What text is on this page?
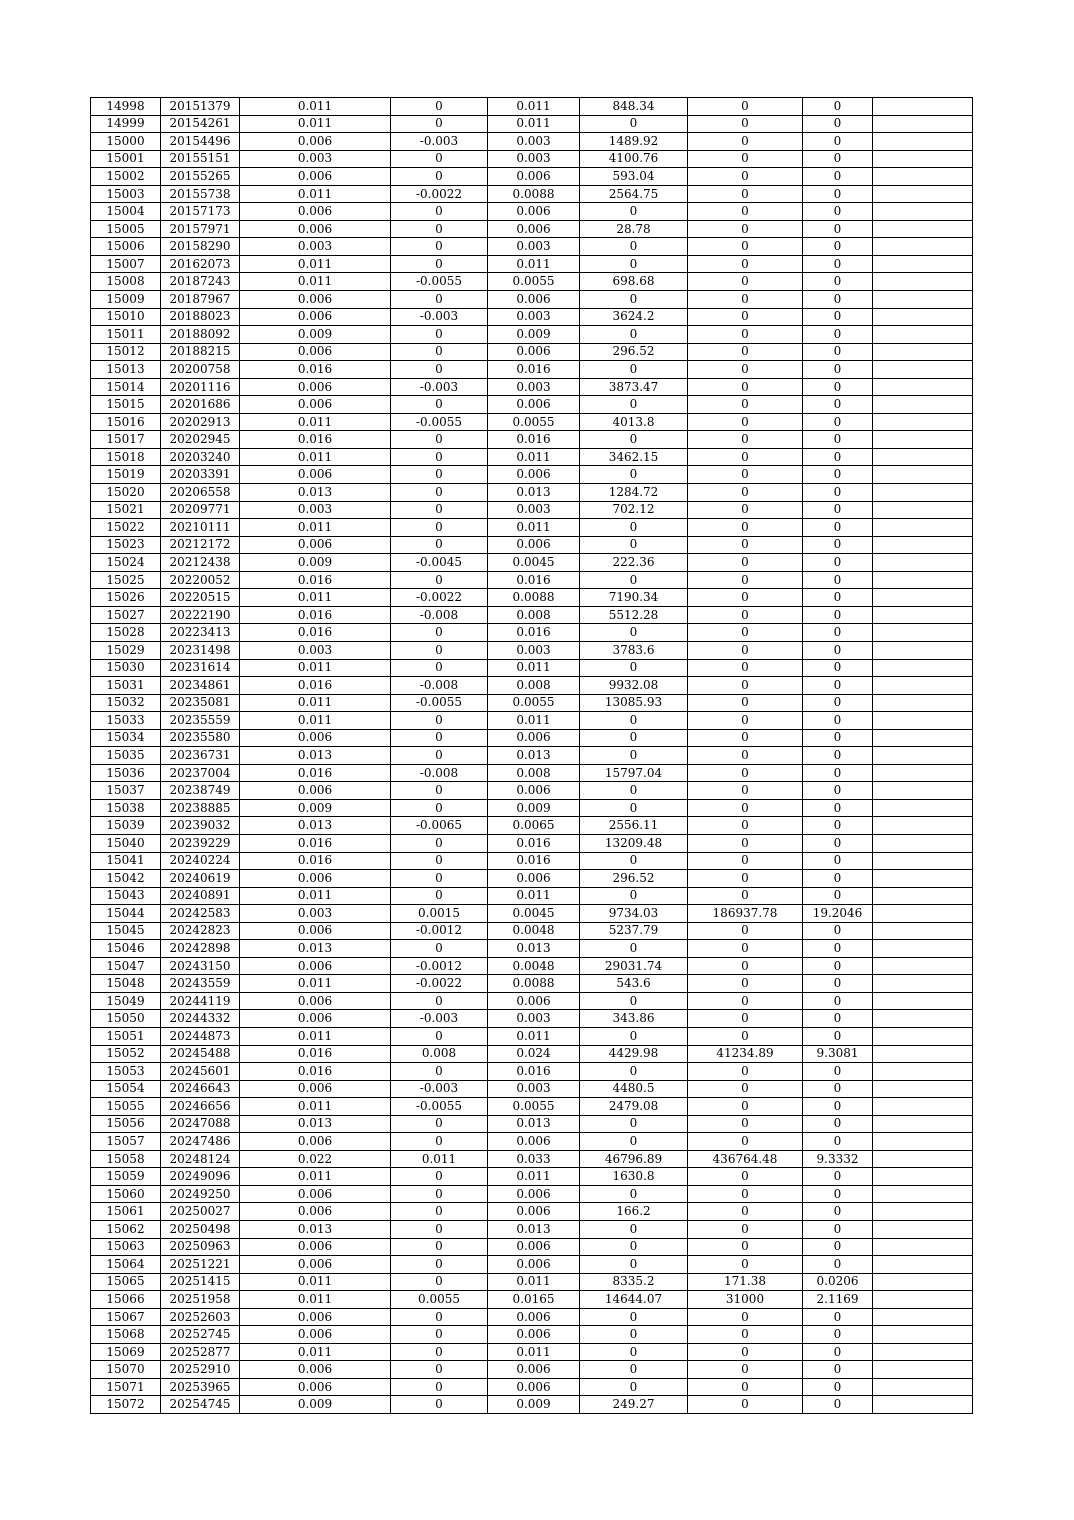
14998	20151379	0.011	0	0.011	848.34	0	0	
14999	20154261	0.011	0	0.011	0	0	0	
15000	20154496	0.006	-0.003	0.003	1489.92	0	0	
15001	20155151	0.003	0	0.003	4100.76	0	0	
15002	20155265	0.006	0	0.006	593.04	0	0	
15003	20155738	0.011	-0.0022	0.0088	2564.75	0	0	
15004	20157173	0.006	0	0.006	0	0	0	
15005	20157971	0.006	0	0.006	28.78	0	0	
15006	20158290	0.003	0	0.003	0	0	0	
15007	20162073	0.011	0	0.011	0	0	0	
15008	20187243	0.011	-0.0055	0.0055	698.68	0	0	
15009	20187967	0.006	0	0.006	0	0	0	
15010	20188023	0.006	-0.003	0.003	3624.2	0	0	
15011	20188092	0.009	0	0.009	0	0	0	
15012	20188215	0.006	0	0.006	296.52	0	0	
15013	20200758	0.016	0	0.016	0	0	0	
15014	20201116	0.006	-0.003	0.003	3873.47	0	0	
15015	20201686	0.006	0	0.006	0	0	0	
15016	20202913	0.011	-0.0055	0.0055	4013.8	0	0	
15017	20202945	0.016	0	0.016	0	0	0	
15018	20203240	0.011	0	0.011	3462.15	0	0	
15019	20203391	0.006	0	0.006	0	0	0	
15020	20206558	0.013	0	0.013	1284.72	0	0	
15021	20209771	0.003	0	0.003	702.12	0	0	
15022	20210111	0.011	0	0.011	0	0	0	
15023	20212172	0.006	0	0.006	0	0	0	
15024	20212438	0.009	-0.0045	0.0045	222.36	0	0	
15025	20220052	0.016	0	0.016	0	0	0	
15026	20220515	0.011	-0.0022	0.0088	7190.34	0	0	
15027	20222190	0.016	-0.008	0.008	5512.28	0	0	
15028	20223413	0.016	0	0.016	0	0	0	
15029	20231498	0.003	0	0.003	3783.6	0	0	
15030	20231614	0.011	0	0.011	0	0	0	
15031	20234861	0.016	-0.008	0.008	9932.08	0	0	
15032	20235081	0.011	-0.0055	0.0055	13085.93	0	0	
15033	20235559	0.011	0	0.011	0	0	0	
15034	20235580	0.006	0	0.006	0	0	0	
15035	20236731	0.013	0	0.013	0	0	0	
15036	20237004	0.016	-0.008	0.008	15797.04	0	0	
15037	20238749	0.006	0	0.006	0	0	0	
15038	20238885	0.009	0	0.009	0	0	0	
15039	20239032	0.013	-0.0065	0.0065	2556.11	0	0	
15040	20239229	0.016	0	0.016	13209.48	0	0	
15041	20240224	0.016	0	0.016	0	0	0	
15042	20240619	0.006	0	0.006	296.52	0	0	
15043	20240891	0.011	0	0.011	0	0	0	
15044	20242583	0.003	0.0015	0.0045	9734.03	186937.78	19.2046	
15045	20242823	0.006	-0.0012	0.0048	5237.79	0	0	
15046	20242898	0.013	0	0.013	0	0	0	
15047	20243150	0.006	-0.0012	0.0048	29031.74	0	0	
15048	20243559	0.011	-0.0022	0.0088	543.6	0	0	
15049	20244119	0.006	0	0.006	0	0	0	
15050	20244332	0.006	-0.003	0.003	343.86	0	0	
15051	20244873	0.011	0	0.011	0	0	0	
15052	20245488	0.016	0.008	0.024	4429.98	41234.89	9.3081	
15053	20245601	0.016	0	0.016	0	0	0	
15054	20246643	0.006	-0.003	0.003	4480.5	0	0	
15055	20246656	0.011	-0.0055	0.0055	2479.08	0	0	
15056	20247088	0.013	0	0.013	0	0	0	
15057	20247486	0.006	0	0.006	0	0	0	
15058	20248124	0.022	0.011	0.033	46796.89	436764.48	9.3332	
15059	20249096	0.011	0	0.011	1630.8	0	0	
15060	20249250	0.006	0	0.006	0	0	0	
15061	20250027	0.006	0	0.006	166.2	0	0	
15062	20250498	0.013	0	0.013	0	0	0	
15063	20250963	0.006	0	0.006	0	0	0	
15064	20251221	0.006	0	0.006	0	0	0	
15065	20251415	0.011	0	0.011	8335.2	171.38	0.0206	
15066	20251958	0.011	0.0055	0.0165	14644.07	31000	2.1169	
15067	20252603	0.006	0	0.006	0	0	0	
15068	20252745	0.006	0	0.006	0	0	0	
15069	20252877	0.011	0	0.011	0	0	0	
15070	20252910	0.006	0	0.006	0	0	0	
15071	20253965	0.006	0	0.006	0	0	0	
15072	20254745	0.009	0	0.009	249.27	0	0	
